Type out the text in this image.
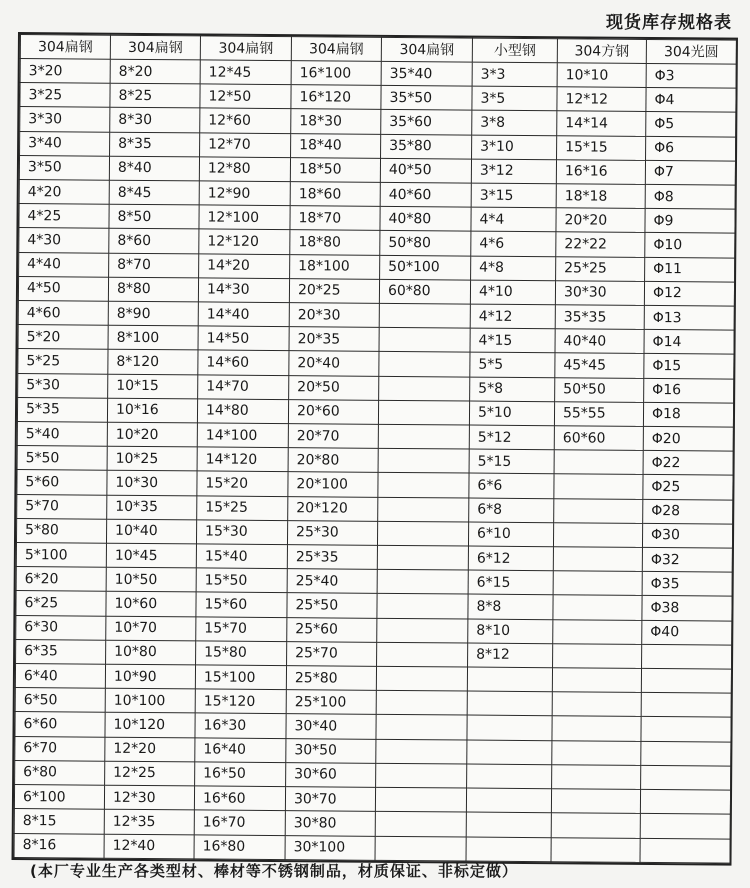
现货库存规格表
304扁钢	304扁钢	304扁钢	304扁钢	304扁钢	小型钢	304方钢	304光圆
3*20	8*20	12*45	16*100	35*40	3*3	10*10	Φ3
3*25	8*25	12*50	16*120	35*50	3*5	12*12	Φ4
3*30	8*30	12*60	18*30	35*60	3*8	14*14	Φ5
3*40	8*35	12*70	18*40	35*80	3*10	15*15	Φ6
3*50	8*40	12*80	18*50	40*50	3*12	16*16	Φ7
4*20	8*45	12*90	18*60	40*60	3*15	18*18	Φ8
4*25	8*50	12*100	18*70	40*80	4*4	20*20	Φ9
4*30	8*60	12*120	18*80	50*80	4*6	22*22	Φ10
4*40	8*70	14*20	18*100	50*100	4*8	25*25	Φ11
4*50	8*80	14*30	20*25	60*80	4*10	30*30	Φ12
4*60	8*90	14*40	20*30		4*12	35*35	Φ13
5*20	8*100	14*50	20*35		4*15	40*40	Φ14
5*25	8*120	14*60	20*40		5*5	45*45	Φ15
5*30	10*15	14*70	20*50		5*8	50*50	Φ16
5*35	10*16	14*80	20*60		5*10	55*55	Φ18
5*40	10*20	14*100	20*70		5*12	60*60	Φ20
5*50	10*25	14*120	20*80		5*15		Φ22
5*60	10*30	15*20	20*100		6*6		Φ25
5*70	10*35	15*25	20*120		6*8		Φ28
5*80	10*40	15*30	25*30		6*10		Φ30
5*100	10*45	15*40	25*35		6*12		Φ32
6*20	10*50	15*50	25*40		6*15		Φ35
6*25	10*60	15*60	25*50		8*8		Φ38
6*30	10*70	15*70	25*60		8*10		Φ40
6*35	10*80	15*80	25*70		8*12		
6*40	10*90	15*100	25*80				
6*50	10*100	15*120	25*100				
6*60	10*120	16*30	30*40				
6*70	12*20	16*40	30*50				
6*80	12*25	16*50	30*60				
6*100	12*30	16*60	30*70				
8*15	12*35	16*70	30*80				
8*16	12*40	16*80	30*100				
(本厂专业生产各类型材、棒材等不锈钢制品，材质保证、非标定做）
